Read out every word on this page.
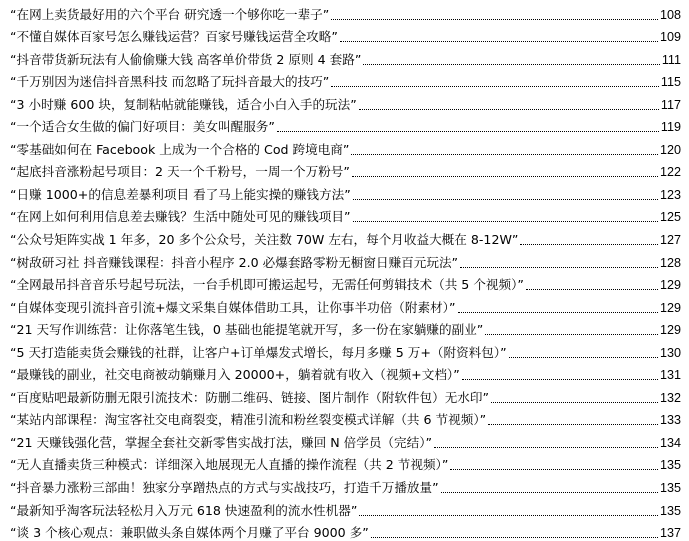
“在网上卖货最好用的六个平台 研究透一个够你吃一辈子”	108
“不懂自媒体百家号怎么赚钱运营？百家号赚钱运营全攻略”	109
“抖音带货新玩法有人偷偷赚大钱 高客单价带货 2 原则 4 套路”	111
“千万别因为迷信抖音黑科技 而忽略了玩抖音最大的技巧”	115
“3 小时赚 600 块，复制粘帖就能赚钱，适合小白入手的玩法”	117
“一个适合女生做的偏门好项目：美女叫醒服务”	119
“零基础如何在 Facebook 上成为一个合格的 Cod 跨境电商”	120
“起底抖音涨粉起号项目：2 天一个千粉号，一周一个万粉号”	122
“日赚 1000+的信息差暴利项目 看了马上能实操的赚钱方法”	123
“在网上如何利用信息差去赚钱？生活中随处可见的赚钱项目”	125
“公众号矩阵实战 1 年多，20 多个公众号，关注数 70W 左右，每个月收益大概在 8-12W”	127
“树敌研习社 抖音赚钱课程：抖音小程序 2.0 必爆套路零粉无橱窗日赚百元玩法”	128
“全网最吊抖音音乐号起号玩法，一台手机即可搬运起号，无需任何剪辑技术（共 5 个视频）”	129
“自媒体变现引流抖音引流+爆文采集自媒体借助工具，让你事半功倍（附素材）”	129
“21 天写作训练营：让你落笔生钱，0 基础也能提笔就开写，多一份在家躺赚的副业”	129
“5 天打造能卖货会赚钱的社群，让客户+订单爆发式增长，每月多赚 5 万+（附资料包）”	130
“最赚钱的副业，社交电商被动躺赚月入 20000+，躺着就有收入（视频+文档）”	131
“百度贴吧最新防删无限引流技术：防删二维码、链接、图片制作（附软件包）无水印”	132
“某站内部课程：淘宝客社交电商裂变，精准引流和粉丝裂变模式详解（共 6 节视频）”	133
“21 天赚钱强化营，掌握全套社交新零售实战打法，赚回 N 倍学员（完结）”	134
“无人直播卖货三种模式：详细深入地展现无人直播的操作流程（共 2 节视频）”	135
“抖音暴力涨粉三部曲！独家分享蹭热点的方式与实战技巧，打造千万播放量”	135
“最新知乎淘客玩法轻松月入万元 618 快速盈利的流水性机器”	135
“谈 3 个核心观点：兼职做头条自媒体两个月赚了平台 9000 多”	137
